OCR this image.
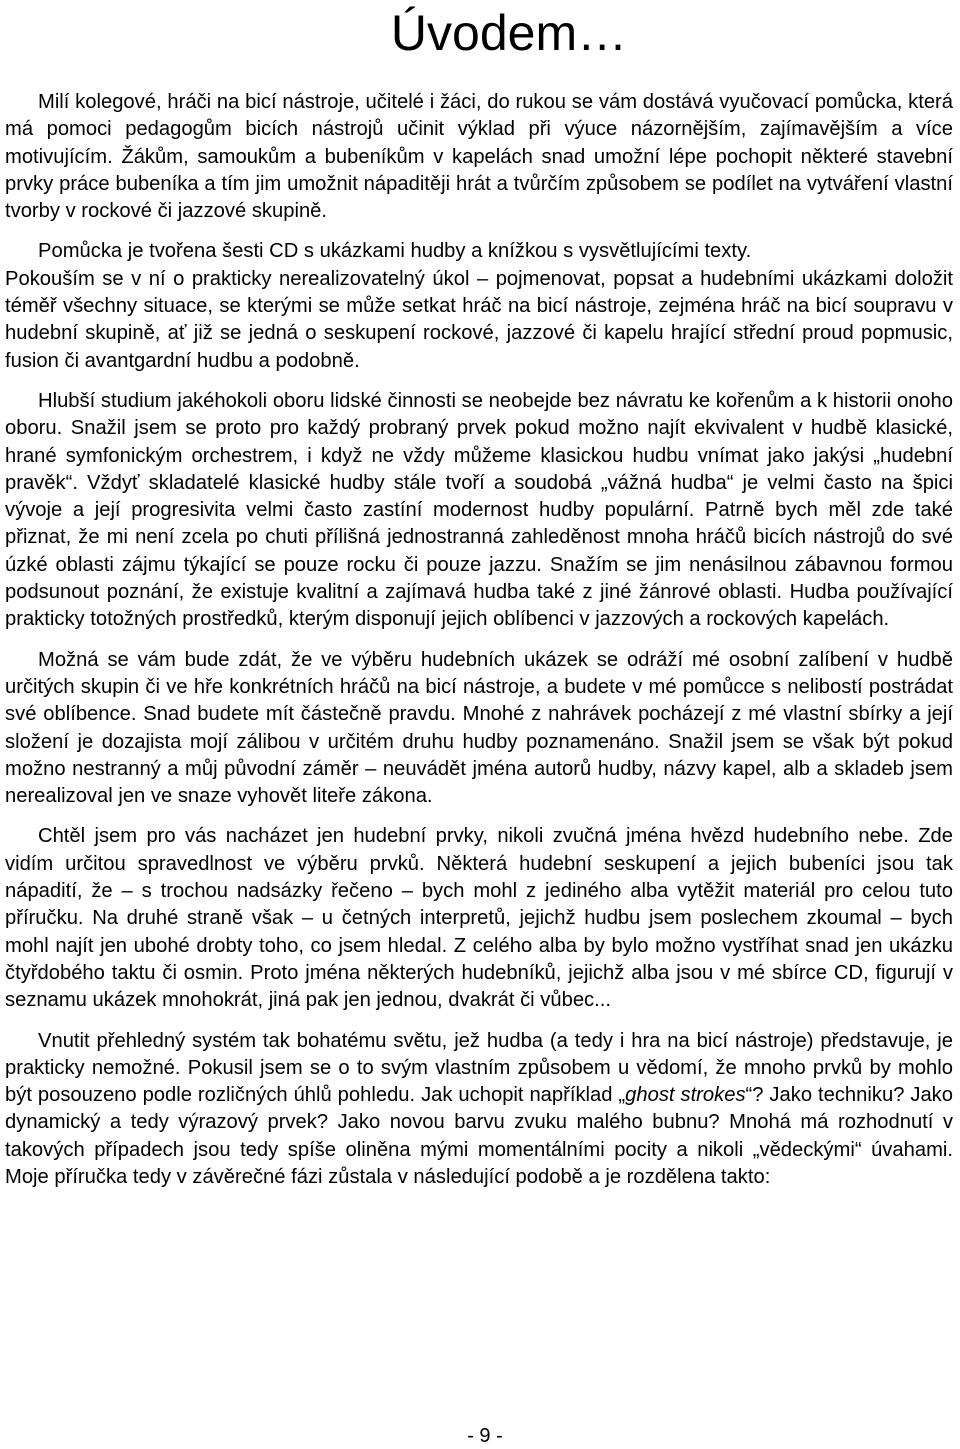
Úvodem…

Milí kolegové, hráči na bicí nástroje, učitelé i žáci, do rukou se vám dostává vyučovací pomůcka, která má pomoci pedagogům bicích nástrojů učinit výklad při výuce názornějším, zajímavějším a více motivujícím. Žákům, samoukům a bubeníkům v kapelách snad umožní lépe pochopit některé stavební prvky práce bubeníka a tím jim umožnit nápaditěji hrát a tvůrčím způsobem se podílet na vytváření vlastní tvorby v rockové či jazzové skupině.

Pomůcka je tvořena šesti CD s ukázkami hudby a knížkou s vysvětlujícími texty.

Pokouším se v ní o prakticky nerealizovatelný úkol – pojmenovat, popsat a hudebními ukázkami doložit téměř všechny situace, se kterými se může setkat hráč na bicí nástroje, zejména hráč na bicí soupravu v hudební skupině, ať již se jedná o seskupení rockové, jazzové či kapelu hrající střední proud popmusic, fusion či avantgardní hudbu a podobně.

Hlubší studium jakéhokoli oboru lidské činnosti se neobejde bez návratu ke kořenům a k historii onoho oboru. Snažil jsem se proto pro každý probraný prvek pokud možno najít ekvivalent v hudbě klasické, hrané symfonickým orchestrem, i když ne vždy můžeme klasickou hudbu vnímat jako jakýsi „hudební pravěk“. Vždyť skladatelé klasické hudby stále tvoří a soudobá „vážná hudba“ je velmi často na špici vývoje a její progresivita velmi často zastíní modernost hudby populární. Patrně bych měl zde také přiznat, že mi není zcela po chuti přílišná jednostranná zahleděnost mnoha hráčů bicích nástrojů do své úzké oblasti zájmu týkající se pouze rocku či pouze jazzu. Snažím se jim nenásilnou zábavnou formou podsunout poznání, že existuje kvalitní a zajímavá hudba také z jiné žánrové oblasti. Hudba používající prakticky totožných prostředků, kterým disponují jejich oblíbenci v jazzových a rockových kapelách.

Možná se vám bude zdát, že ve výběru hudebních ukázek se odráží mé osobní zalíbení v hudbě určitých skupin či ve hře konkrétních hráčů na bicí nástroje, a budete v mé pomůcce s nelibostí postrádat své oblíbence. Snad budete mít částečně pravdu. Mnohé z nahrávek pocházejí z mé vlastní sbírky a její složení je dozajista mojí zálibou v určitém druhu hudby poznamenáno. Snažil jsem se však být pokud možno nestranný a můj původní záměr – neuvádět jména autorů hudby, názvy kapel, alb a skladeb jsem nerealizoval jen ve snaze vyhovět liteře zákona.

Chtěl jsem pro vás nacházet jen hudební prvky, nikoli zvučná jména hvězd hudebního nebe. Zde vidím určitou spravedlnost ve výběru prvků. Některá hudební seskupení a jejich bubeníci jsou tak nápadití, že – s trochou nadsázky řečeno – bych mohl z jediného alba vytěžit materiál pro celou tuto příručku. Na druhé straně však – u četných interpretů, jejichž hudbu jsem poslechem zkoumal – bych mohl najít jen ubohé drobty toho, co jsem hledal. Z celého alba by bylo možno vystříhat snad jen ukázku čtyřdobého taktu či osmin. Proto jména některých hudebníků, jejichž alba jsou v mé sbírce CD, figurují v seznamu ukázek mnohokrát, jiná pak jen jednou, dvakrát či vůbec...

Vnutit přehledný systém tak bohatému světu, jež hudba (a tedy i hra na bicí nástroje) představuje, je prakticky nemožné. Pokusil jsem se o to svým vlastním způsobem u vědomí, že mnoho prvků by mohlo být posouzeno podle rozličných úhlů pohledu. Jak uchopit například „ghost strokes“? Jako techniku? Jako dynamický a tedy výrazový prvek? Jako novou barvu zvuku malého bubnu? Mnohá má rozhodnutí v takových případech jsou tedy spíše oliněna mými momentálními pocity a nikoli „vědeckými“ úvahami. Moje příručka tedy v závěrečné fázi zůstala v následující podobě a je rozdělena takto:

- 9 -
